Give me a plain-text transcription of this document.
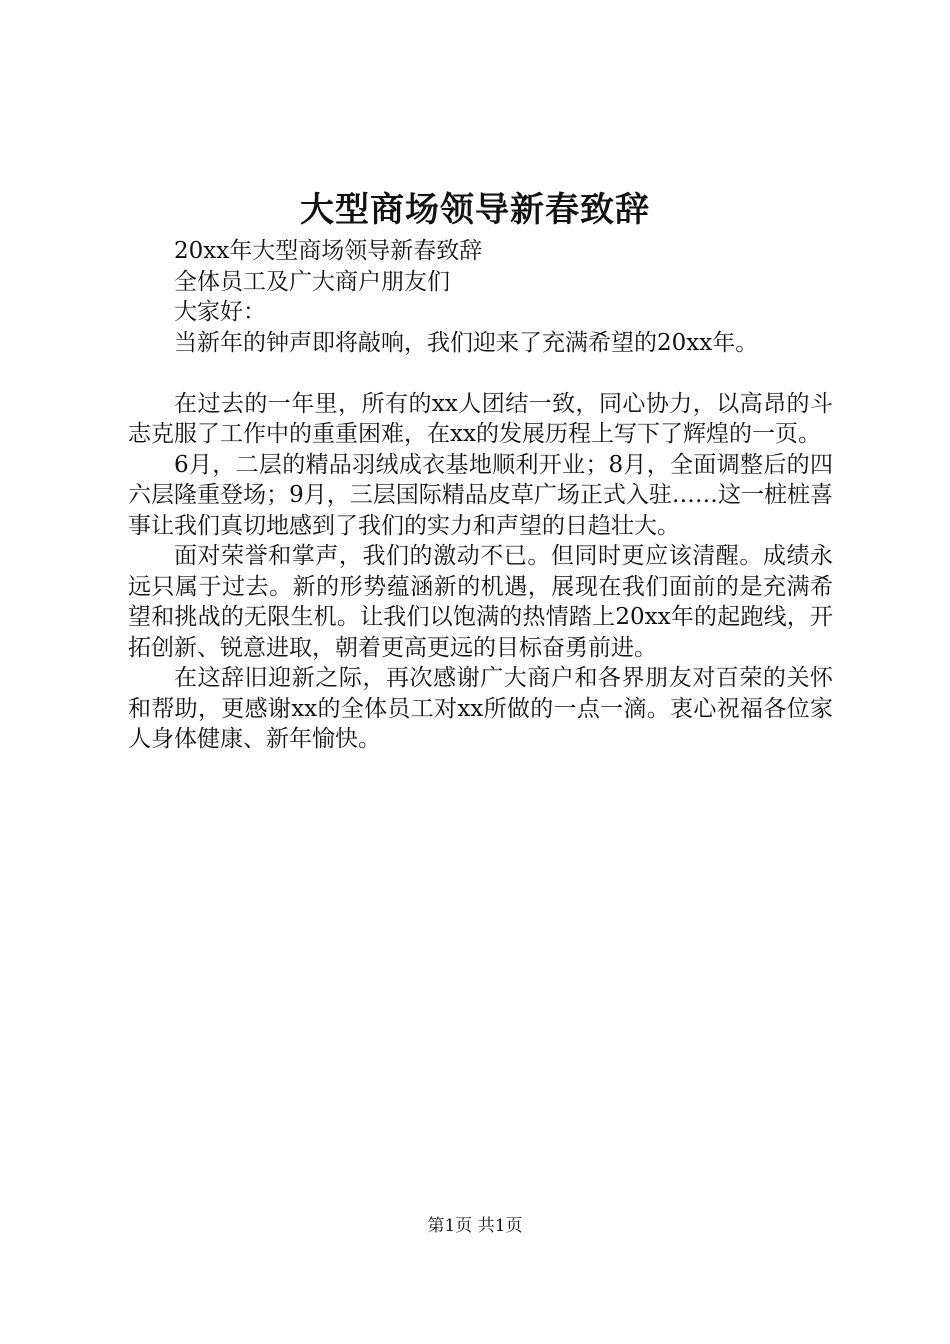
大型商场领导新春致辞

20xx年大型商场领导新春致辞

全体员工及广大商户朋友们

大家好：

当新年的钟声即将敲响，我们迎来了充满希望的20xx年。

在过去的一年里，所有的xx人团结一致，同心协力，以高昂的斗志克服了工作中的重重困难，在xx的发展历程上写下了辉煌的一页。

6月，二层的精品羽绒成衣基地顺利开业；8月，全面调整后的四六层隆重登场；9月，三层国际精品皮草广场正式入驻……这一桩桩喜事让我们真切地感到了我们的实力和声望的日趋壮大。

面对荣誉和掌声，我们的激动不已。但同时更应该清醒。成绩永远只属于过去。新的形势蕴涵新的机遇，展现在我们面前的是充满希望和挑战的无限生机。让我们以饱满的热情踏上20xx年的起跑线，开拓创新、锐意进取，朝着更高更远的目标奋勇前进。

在这辞旧迎新之际，再次感谢广大商户和各界朋友对百荣的关怀和帮助，更感谢xx的全体员工对xx所做的一点一滴。衷心祝福各位家人身体健康、新年愉快。

第1页 共1页
